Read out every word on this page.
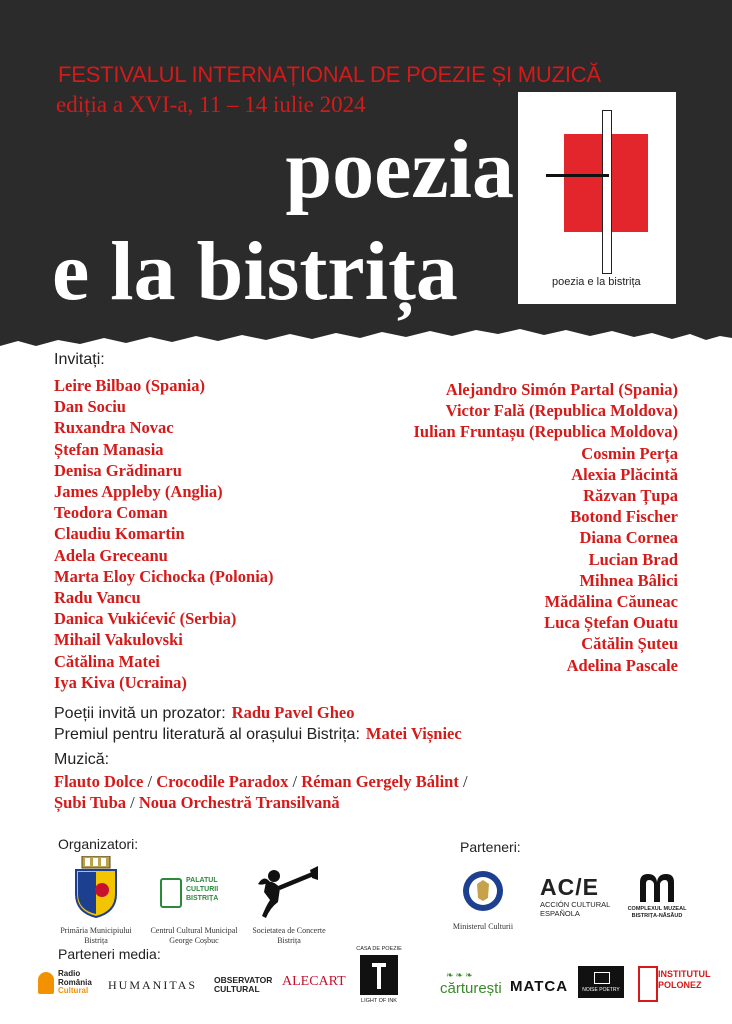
FESTIVALUL INTERNAȚIONAL DE POEZIE ȘI MUZICĂ
ediția a XVI-a, 11 – 14 iulie 2024
poezia
e la bistrița	poezia e la bistrița
Invitați:
Leire Bilbao (Spania)
Dan Sociu
Ruxandra Novac
Ștefan Manasia
Denisa Grădinaru
James Appleby (Anglia)
Teodora Coman
Claudiu Komartin
Adela Greceanu
Marta Eloy Cichocka (Polonia)
Radu Vancu
Danica Vukićević (Serbia)
Mihail Vakulovski
Cătălina Matei
Iya Kiva (Ucraina)
Alejandro Simón Partal (Spania)
Victor Fală (Republica Moldova)
Iulian Fruntașu (Republica Moldova)
Cosmin Perța
Alexia Plăcintă
Răzvan Țupa
Botond Fischer
Diana Cornea
Lucian Brad
Mihnea Bâlici
Mădălina Căuneac
Luca Ștefan Ouatu
Cătălin Șuteu
Adelina Pascale
Poeții invită un prozator: Radu Pavel Gheo
Premiul pentru literatură al orașului Bistrița: Matei Vișniec
Muzică:
Flauto Dolce / Crocodile Paradox / Réman Gergely Bálint /
Șubi Tuba / Noua Orchestră Transilvană
Organizatori:
Primăria Municipiului
Bistrița
PALATUL
CULTURII
BISTRIȚA
Centrul Cultural Municipal
George Coșbuc
Societatea de Concerte
Bistrița
Parteneri:
Ministerul Culturii
AC/E
ACCIÓN CULTURAL
ESPAÑOLA	COMPLEXUL MUZEAL
BISTRIȚA-NĂSĂUD
Parteneri media:
Radio
România
Cultural HUMANITAS OBSERVATOR
CULTURAL	ALECART
CASA DE POEZIE
LIGHT OF INK
❧❧❧
cărturești MATCA	NOISE POETRY
INSTITUTUL
POLONEZ
